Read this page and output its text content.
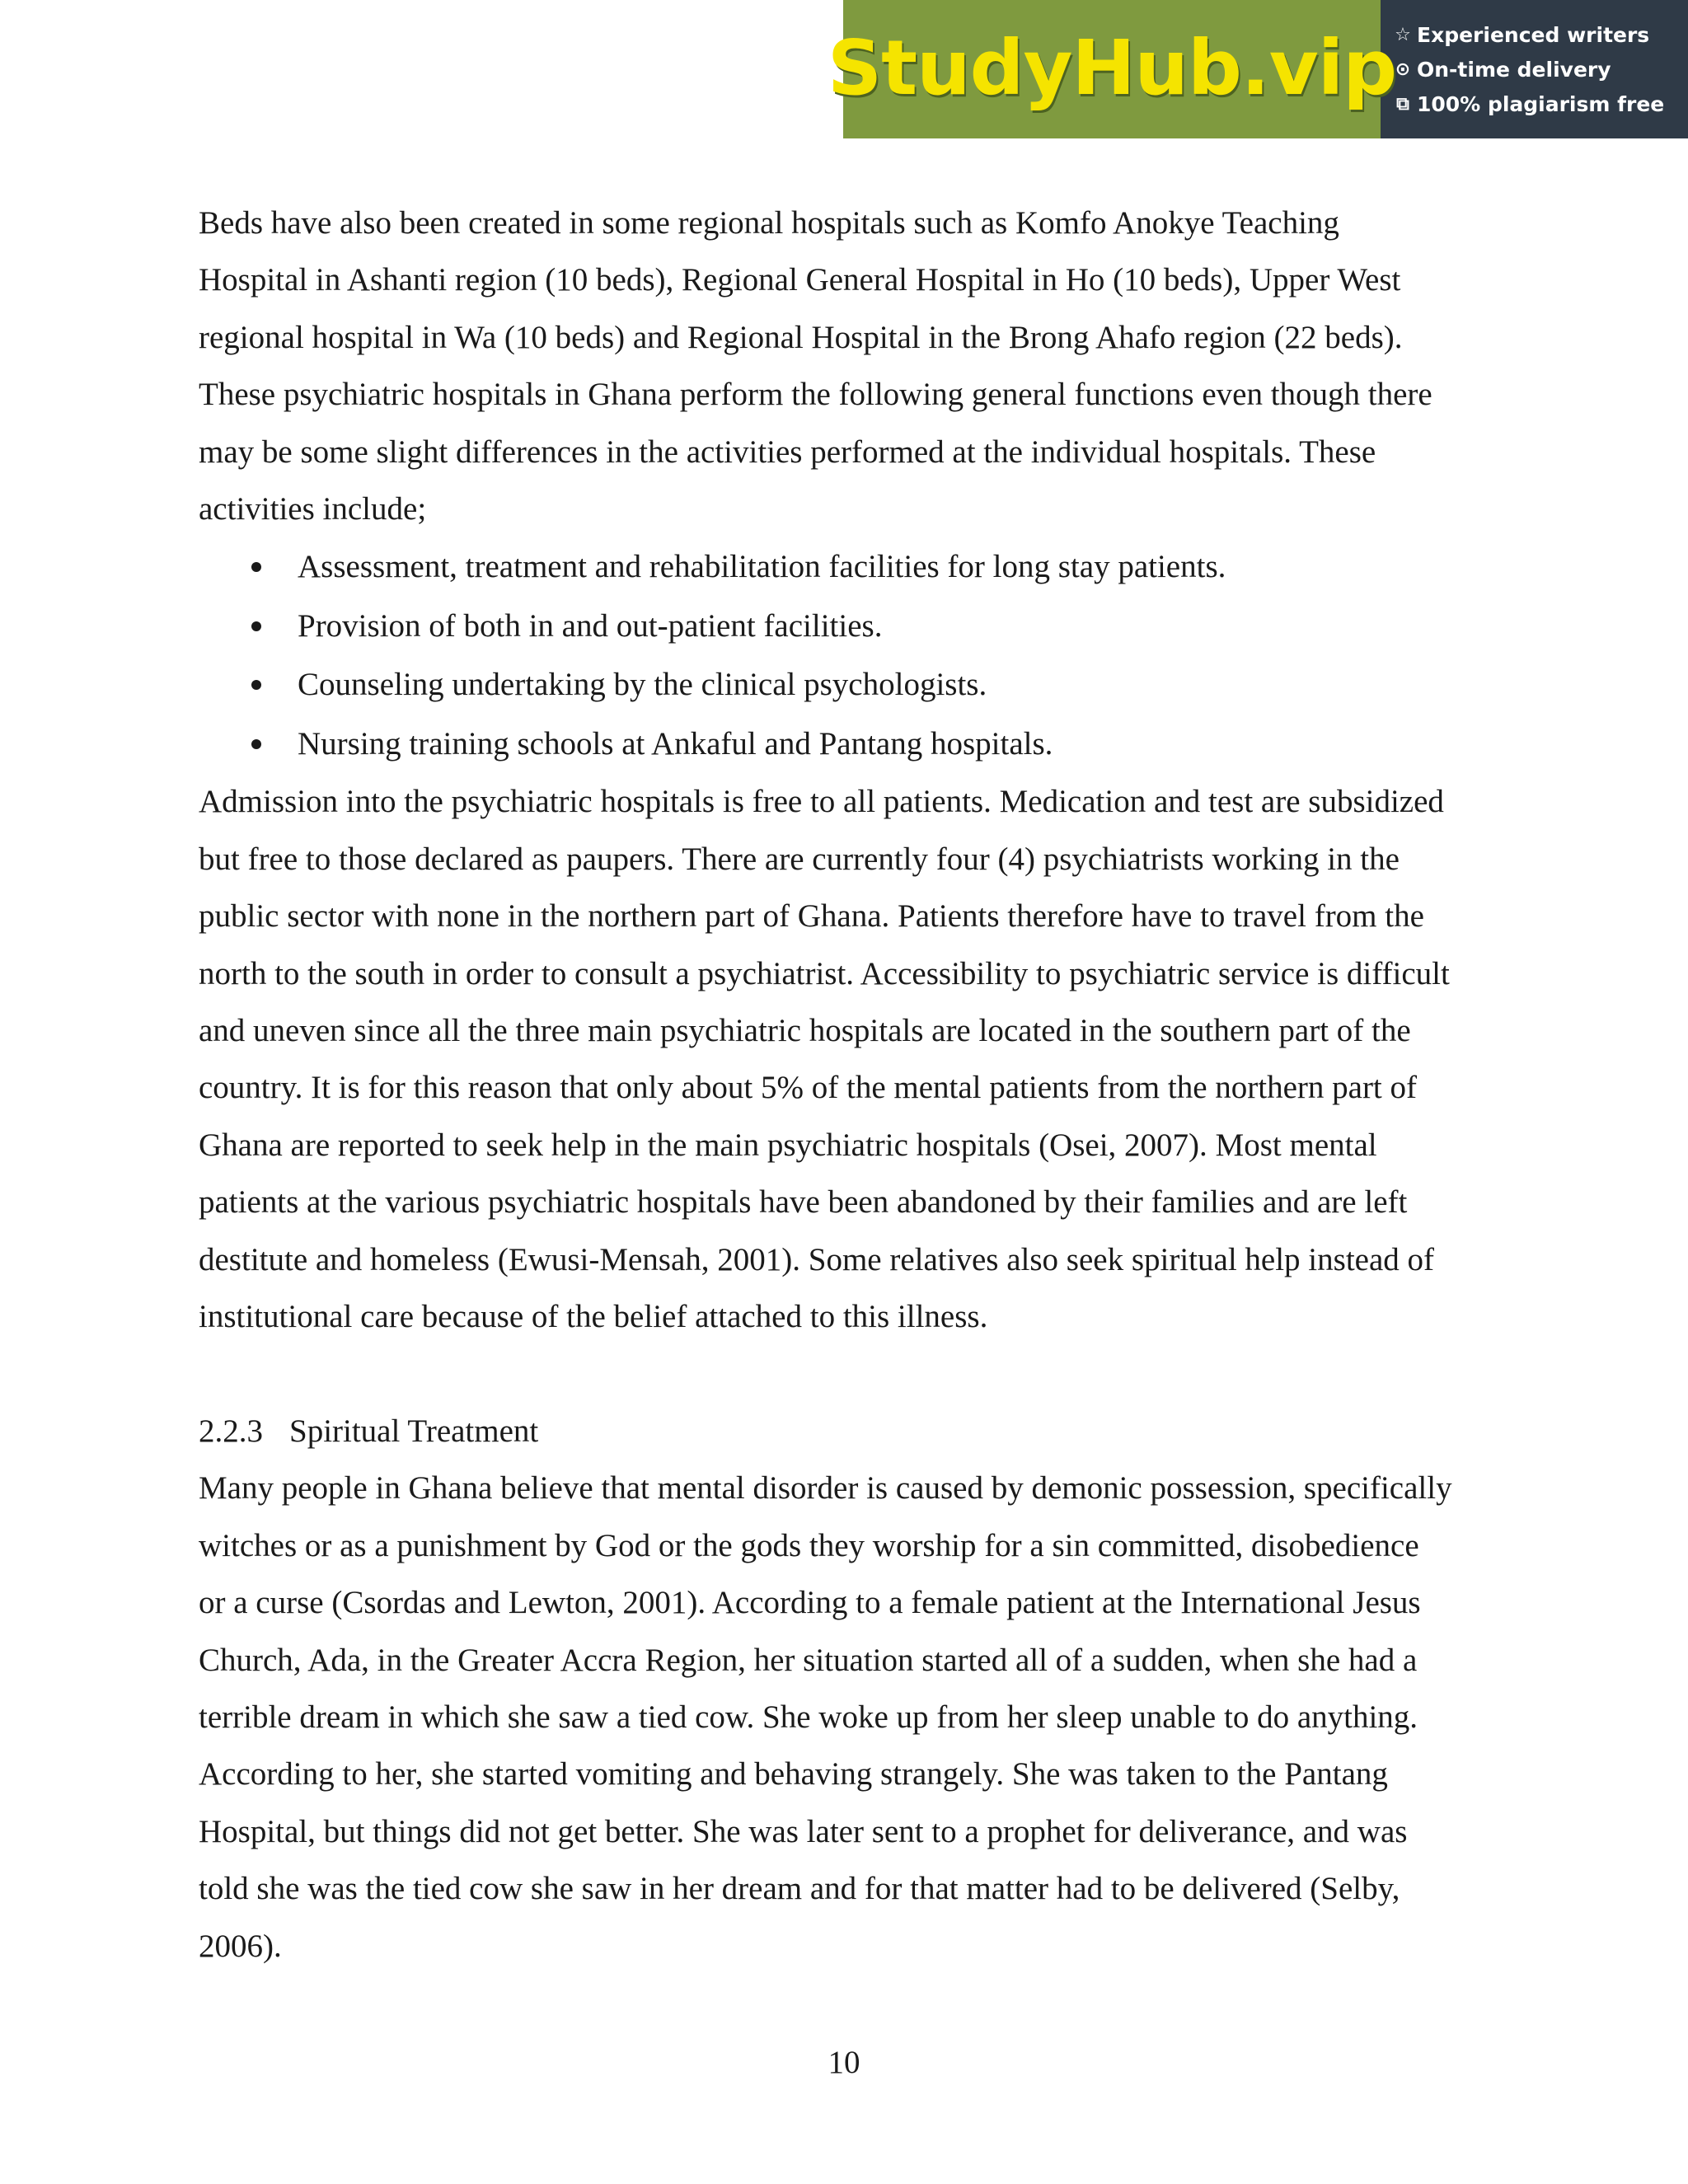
StudyHub.vip
☆ Experienced writers
⊙ On-time delivery
⧉ 100% plagiarism free

Beds have also been created in some regional hospitals such as Komfo Anokye Teaching

Hospital in Ashanti region (10 beds), Regional General Hospital in Ho (10 beds), Upper West

regional hospital in Wa (10 beds) and Regional Hospital in the Brong Ahafo region (22 beds).

These psychiatric hospitals in Ghana perform the following general functions even though there

may be some slight differences in the activities performed at the individual hospitals. These

activities include;

Assessment, treatment and rehabilitation facilities for long stay patients.
Provision of both in and out-patient facilities.
Counseling undertaking by the clinical psychologists.
Nursing training schools at Ankaful and Pantang hospitals.

Admission into the psychiatric hospitals is free to all patients. Medication and test are subsidized

but free to those declared as paupers. There are currently four (4) psychiatrists working in the

public sector with none in the northern part of Ghana. Patients therefore have to travel from the

north to the south in order to consult a psychiatrist. Accessibility to psychiatric service is difficult

and uneven since all the three main psychiatric hospitals are located in the southern part of the

country. It is for this reason that only about 5% of the mental patients from the northern part of

Ghana are reported to seek help in the main psychiatric hospitals (Osei, 2007). Most mental

patients at the various psychiatric hospitals have been abandoned by their families and are left

destitute and homeless (Ewusi-Mensah, 2001). Some relatives also seek spiritual help instead of

institutional care because of the belief attached to this illness.

2.2.3 Spiritual Treatment

Many people in Ghana believe that mental disorder is caused by demonic possession, specifically

witches or as a punishment by God or the gods they worship for a sin committed, disobedience

or a curse (Csordas and Lewton, 2001). According to a female patient at the International Jesus

Church, Ada, in the Greater Accra Region, her situation started all of a sudden, when she had a

terrible dream in which she saw a tied cow. She woke up from her sleep unable to do anything.

According to her, she started vomiting and behaving strangely. She was taken to the Pantang

Hospital, but things did not get better. She was later sent to a prophet for deliverance, and was

told she was the tied cow she saw in her dream and for that matter had to be delivered (Selby,

2006).

10
